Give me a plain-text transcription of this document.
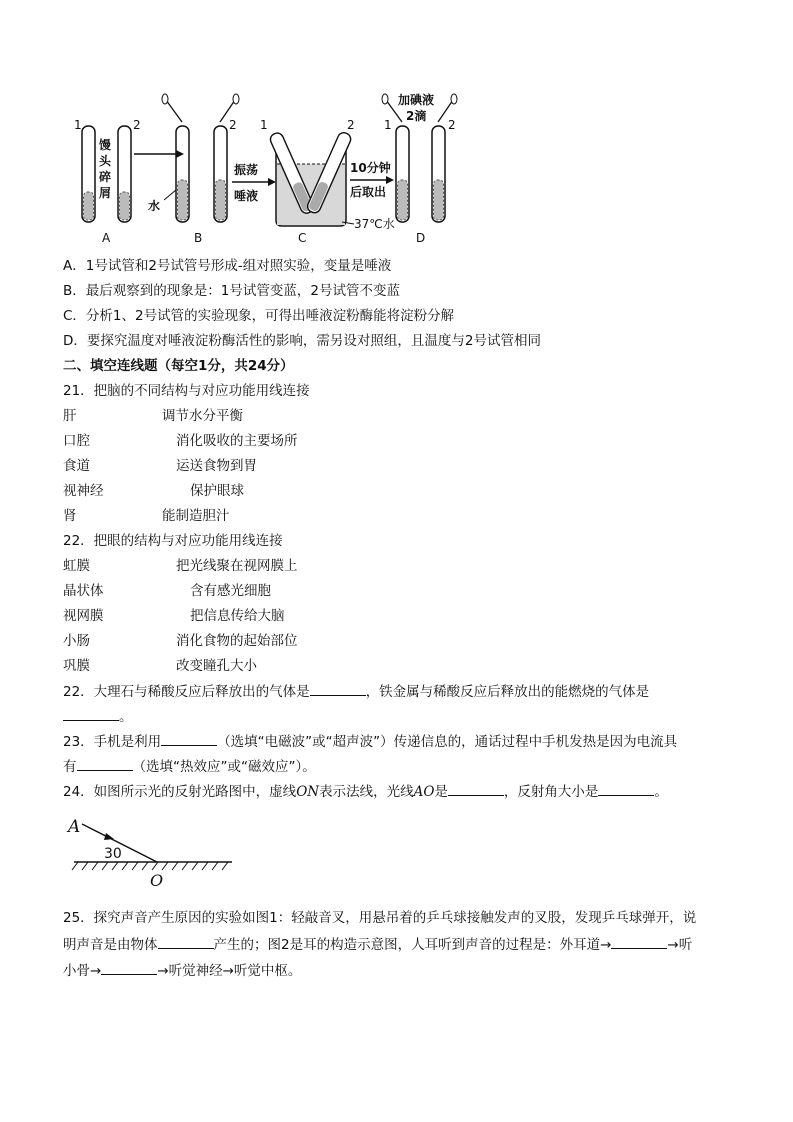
1	2
馒
头
碎
屑
A
2
水
B
振荡
唾液
1	2
C
37℃水
10分钟
后取出
加碘液
2滴
1	2
D
A．1号试管和2号试管号形成-组对照实验，变量是唾液
B．最后观察到的现象是：1号试管变蓝，2号试管不变蓝
C．分析1、2号试管的实验现象，可得出唾液淀粉酶能将淀粉分解
D．要探究温度对唾液淀粉酶活性的影响，需另设对照组，且温度与2号试管相同
二、填空连线题（每空1分，共24分）
21．把脑的不同结构与对应功能用线连接
肝	调节水分平衡
口腔	消化吸收的主要场所
食道	运送食物到胃
视神经	保护眼球
肾	能制造胆汁
22．把眼的结构与对应功能用线连接
虹膜	把光线聚在视网膜上
晶状体	含有感光细胞
视网膜	把信息传给大脑
小肠	消化食物的起始部位
巩膜	改变瞳孔大小
22．大理石与稀酸反应后释放出的气体是	，铁金属与稀酸反应后释放出的能燃烧的气体是
。
23．手机是利用	（选填“电磁波”或“超声波”）传递信息的，通话过程中手机发热是因为电流具
有	（选填“热效应”或“磁效应”）。
24．如图所示光的反射光路图中，虚线ON表示法线，光线AO是	，反射角大小是	。
A
30
O
25．探究声音产生原因的实验如图1：轻敲音叉，用悬吊着的乒乓球接触发声的叉股，发现乒乓球弹开，说
明声音是由物体	产生的；图2是耳的构造示意图，人耳听到声音的过程是：外耳道→	→听
小骨→	→听觉神经→听觉中枢。
